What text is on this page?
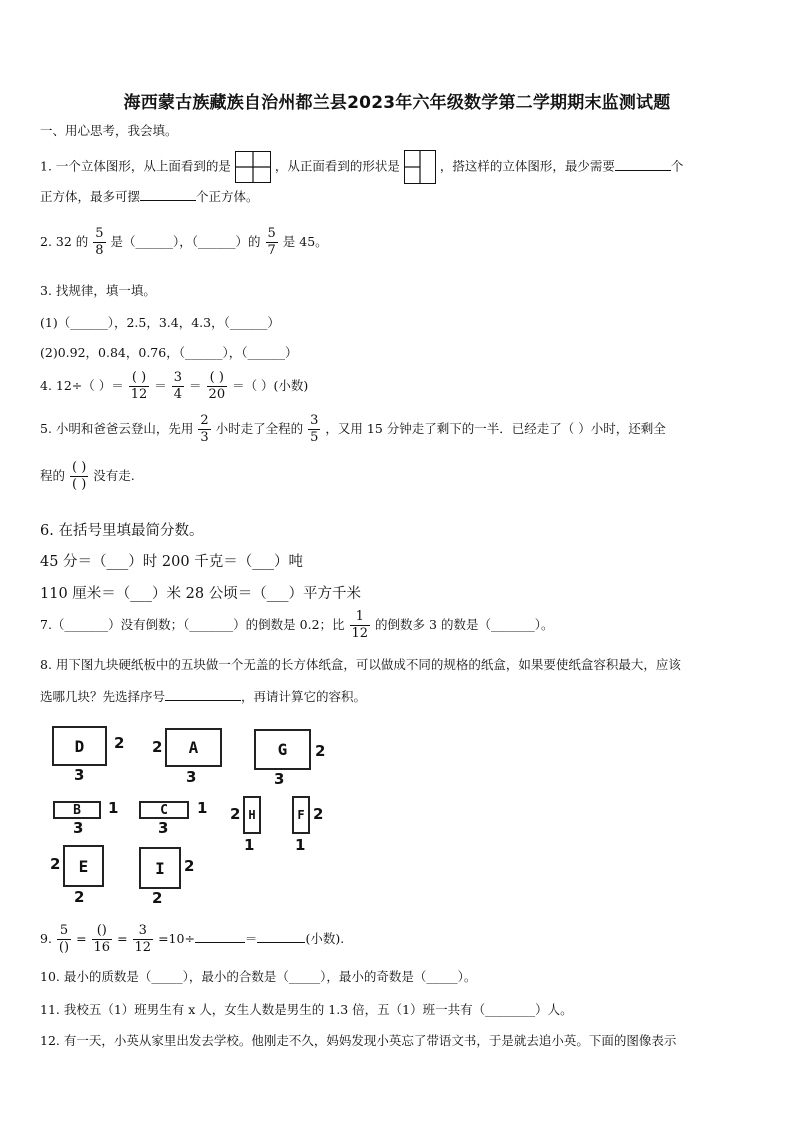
海西蒙古族藏族自治州都兰县2023年六年级数学第二学期期末监测试题
一、用心思考，我会填。
1. 一个立体图形，从上面看到的是	，从正面看到的形状是	，搭这样的立体图形，最少需要	个
正方体，最多可摆	个正方体。
2. 32 的 $\frac{5}{8}$ 是（______），（______）的 $\frac{5}{7}$ 是 45。
3. 找规律，填一填。
(1)（______），2.5，3.4，4.3，（______）
(2)0.92，0.84，0.76，（______），（______）
4. 12÷（ ）＝ $\frac{( )}{12} = \frac{3}{4} = \frac{( )}{20}$ ＝（ ）(小数)
5. 小明和爸爸云登山，先用 $\frac{2}{3}$ 小时走了全程的 $\frac{3}{5}$ ，又用 15 分钟走了剩下的一半．已经走了（ ）小时，还剩全
程的 $\frac{( )}{( )}$ 没有走.
6. 在括号里填最简分数。
45 分＝（___）时 200 千克＝（___）吨
110 厘米＝（___）米 28 公顷＝（___）平方千米
7.（_______）没有倒数；（_______）的倒数是 0.2；比 $\frac{1}{12}$ 的倒数多 3 的数是（_______）。
8. 用下图九块硬纸板中的五块做一个无盖的长方体纸盒，可以做成不同的规格的纸盒，如果要使纸盒容积最大，应该
选哪几块？先选择序号	，再请计算它的容积。
D 2
3
A
2
3
G 2
3
B 1
3
C 1
3
H
2
1
F 2
1
E
2
2
I 2
2
9. $\frac{5}{()} = \frac{()}{16} = \frac{3}{12} =10\div$	＝	(小数).
10. 最小的质数是（_____），最小的合数是（_____），最小的奇数是（_____）。
11. 我校五（1）班男生有 x 人，女生人数是男生的 1.3 倍，五（1）班一共有（________）人。
12. 有一天，小英从家里出发去学校。他刚走不久，妈妈发现小英忘了带语文书，于是就去追小英。下面的图像表示
